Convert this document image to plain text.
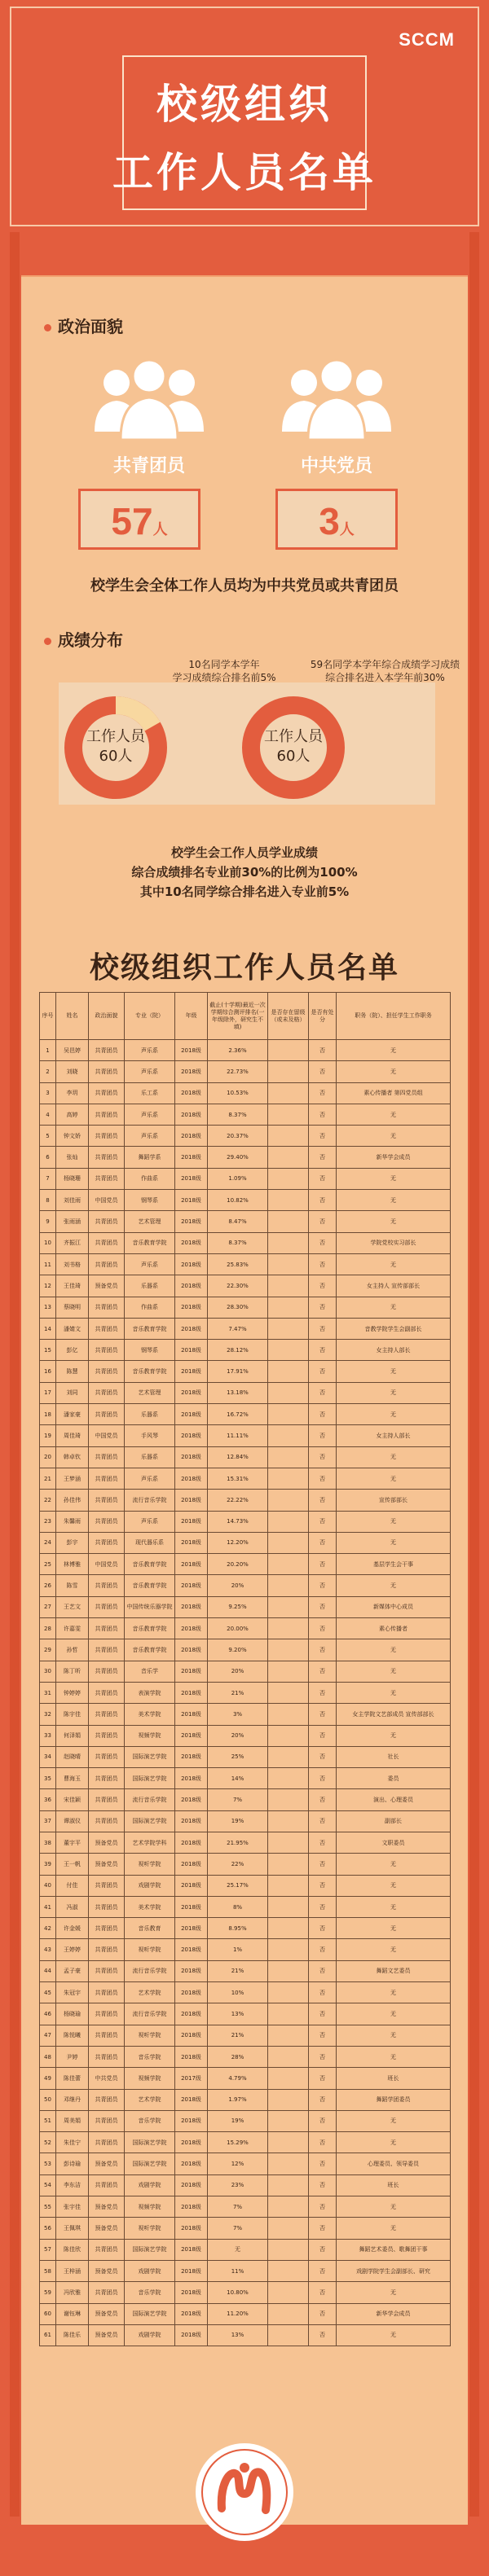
SCCM
校级组织
工作人员名单
政治面貌
共青团员	中共党员
57人	3人
校学生会全体工作人员均为中共党员或共青团员
成绩分布
10名同学本学年
学习成绩综合排名前5%
59名同学本学年综合成绩学习成绩
综合排名进入本学年前30%
工作人员
60人
工作人员
60人
校学生会工作人员学业成绩
综合成绩排名专业前30%的比例为100%
其中10名同学综合排名进入专业前5%
校级组织工作人员名单
序号	姓名	政治面貌	专业（院）	年级	截止(十学期)最近一次学期综合测评排名(一年级除外，研究生不填)	是否存在留级（或未及格）	是否有处分	职务（院）、担任学生工作职务
1	吴邑婷	共青团员	声乐系	2018级	2.36%		否	无
2	刘晓	共青团员	声乐系	2018级	22.73%		否	无
3	李玥	共青团员	乐工系	2018级	10.53%		否	素心传播者 第四党员组
4	高婷	共青团员	声乐系	2018级	8.37%		否	无
5	钟文娇	共青团员	声乐系	2018级	20.37%		否	无
6	张灿	共青团员	舞蹈学系	2018级	29.40%		否	新华学会成员
7	杨晓珊	共青团员	作曲系	2018级	1.09%		否	无
8	刘佳雨	中国党员	钢琴系	2018级	10.82%		否	无
9	张雨涵	共青团员	艺术管理	2018级	8.47%		否	无
10	齐振江	共青团员	音乐教育学院	2018级	8.37%		否	学院党校实习部长
11	刘书格	共青团员	声乐系	2018级	25.83%		否	无
12	王佳琦	预备党员	乐器系	2018级	22.30%		否	女主持人 宣传部部长
13	蔡晓明	共青团员	作曲系	2018级	28.30%		否	无
14	潘婧文	共青团员	音乐教育学院	2018级	7.47%		否	音教学院学生会副部长
15	彭亿	共青团员	钢琴系	2018级	28.12%		否	女主持人部长
16	陈慧	共青团员	音乐教育学院	2018级	17.91%		否	无
17	刘同	共青团员	艺术管理	2018级	13.18%		否	无
18	潘家豪	共青团员	乐器系	2018级	16.72%		否	无
19	周佳琦	中国党员	手风琴	2018级	11.11%		否	女主持人部长
20	韩卓钦	共青团员	乐器系	2018级	12.84%		否	无
21	王梦涵	共青团员	声乐系	2018级	15.31%		否	无
22	孙佳伟	共青团员	流行音乐学院	2018级	22.22%		否	宣传部部长
23	朱馨雨	共青团员	声乐系	2018级	14.73%		否	无
24	彭宇	共青团员	现代器乐系	2018级	12.20%		否	无
25	林博雅	中国党员	音乐教育学院	2018级	20.20%		否	基层学生会干事
26	陈雪	共青团员	音乐教育学院	2018级	20%		否	无
27	王艺文	共青团员	中国传统乐器学院	2018级	9.25%		否	新媒体中心成员
28	许嘉雯	共青团员	音乐教育学院	2018级	20.00%		否	素心传播者
29	孙哲	共青团员	音乐教育学院	2018级	9.20%		否	无
30	陈丁昕	共青团员	音乐学	2018级	20%		否	无
31	钟婷婷	共青团员	表演学院	2018级	21%		否	无
32	陈宇佳	共青团员	美术学院	2018级	3%		否	女主学院文艺部成员 宣传部部长
33	何泽娟	共青团员	视频学院	2018级	20%		否	无
34	赵晓晴	共青团员	国际演艺学院	2018级	25%		否	社长
35	曹海玉	共青团员	国际演艺学院	2018级	14%		否	委员
36	宋佳颖	共青团员	流行音乐学院	2018级	7%		否	演出、心理委员
37	谭淑仪	共青团员	国际演艺学院	2018级	19%		否	副部长
38	董宇平	预备党员	艺术学院学科	2018级	21.95%		否	文职委员
39	王一帆	预备党员	视听学院	2018级	22%		否	无
40	付佳	共青团员	戏剧学院	2018级	25.17%		否	无
41	冯淑	共青团员	美术学院	2018级	8%		否	无
42	许金媛	共青团员	音乐教育	2018级	8.95%		否	无
43	王婷婷	共青团员	视听学院	2018级	1%		否	无
44	孟子豪	共青团员	流行音乐学院	2018级	21%		否	舞蹈文艺委员
45	朱冠宇	共青团员	艺术学院	2018级	10%		否	无
46	杨晓瑜	共青团员	流行音乐学院	2018级	13%		否	无
47	陈悦曦	共青团员	视听学院	2018级	21%		否	无
48	尹婷	共青团员	音乐学院	2018级	28%		否	无
49	陈佳蕾	中共党员	视频学院	2017级	4.79%		否	班长
50	邓继丹	共青团员	艺术学院	2018级	1.97%		否	舞蹈学团委员
51	周美娟	共青团员	音乐学院	2018级	19%		否	无
52	朱佳宁	共青团员	国际演艺学院	2018级	15.29%		否	无
53	彭诗瑜	预备党员	国际演艺学院	2018级	12%		否	心理委员、领导委员
54	李东洁	共青团员	戏剧学院	2018级	23%		否	班长
55	张宇佳	预备党员	视频学院	2018级	7%		否	无
56	王佩琪	预备党员	视听学院	2018级	7%		否	无
57	陈佳欣	共青团员	国际演艺学院	2018级	无		否	舞蹈艺术委员、歌舞团干事
58	王梓涵	预备党员	戏剧学院	2018级	11%		否	戏剧学院学生会副部长、研究
59	冯欣雅	共青团员	音乐学院	2018级	10.80%		否	无
60	谢钰琳	预备党员	国际演艺学院	2018级	11.20%		否	新华学会成员
61	陈佳乐	预备党员	戏剧学院	2018级	13%		否	无
